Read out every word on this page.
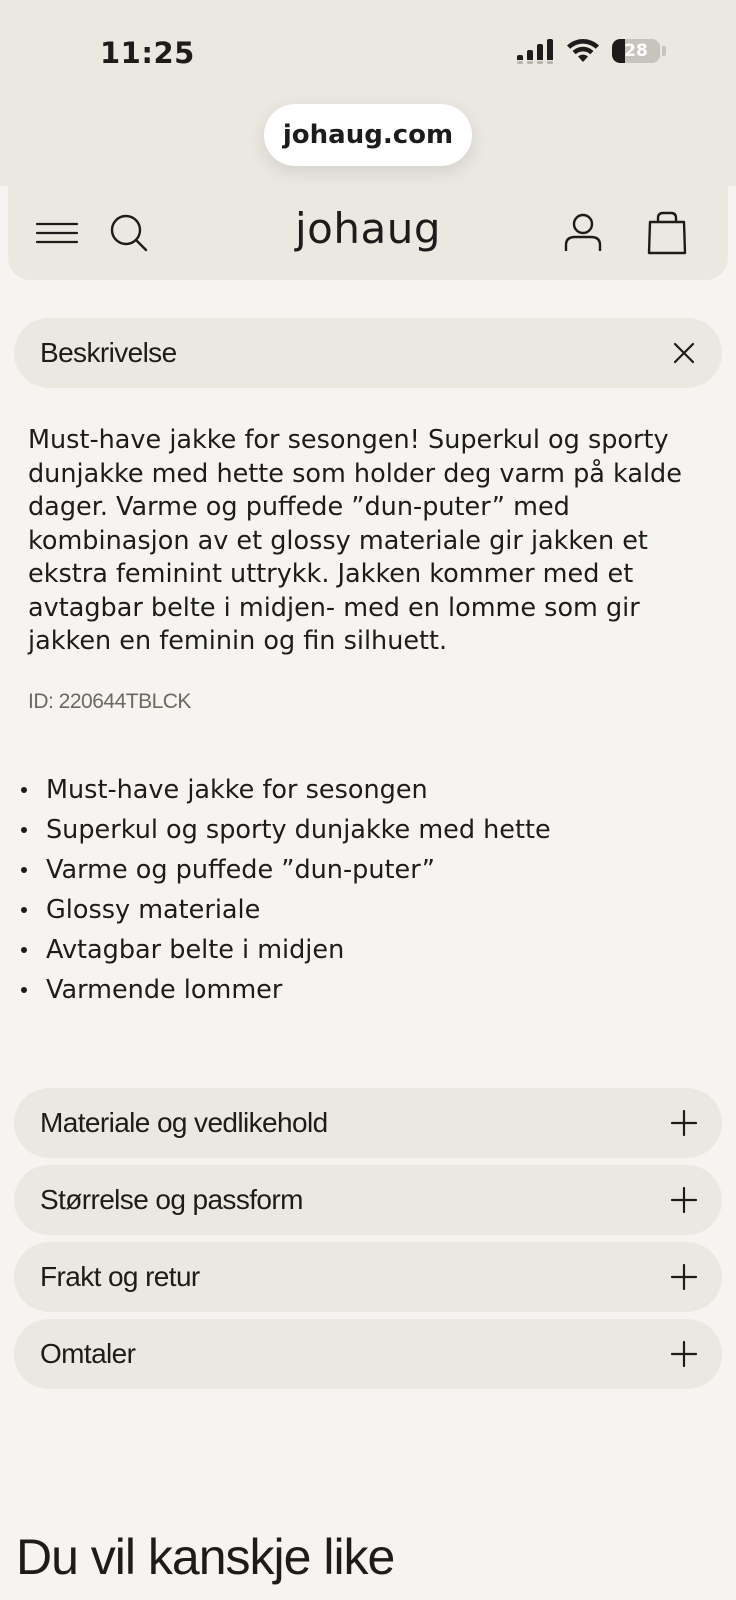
11:25	28
johaug.com
johaug
Beskrivelse

Must-have jakke for sesongen! Superkul og sporty dunjakke med hette som holder deg varm på kalde dager. Varme og puffede ”dun-puter” med kombinasjon av et glossy materiale gir jakken et ekstra feminint uttrykk. Jakken kommer med et avtagbar belte i midjen- med en lomme som gir jakken en feminin og fin silhuett.

ID: 220644TBLCK
Must-have jakke for sesongen
Superkul og sporty dunjakke med hette
Varme og puffede ”dun-puter”
Glossy materiale
Avtagbar belte i midjen
Varmende lommer
Materiale og vedlikehold
Størrelse og passform
Frakt og retur
Omtaler
Du vil kanskje like
